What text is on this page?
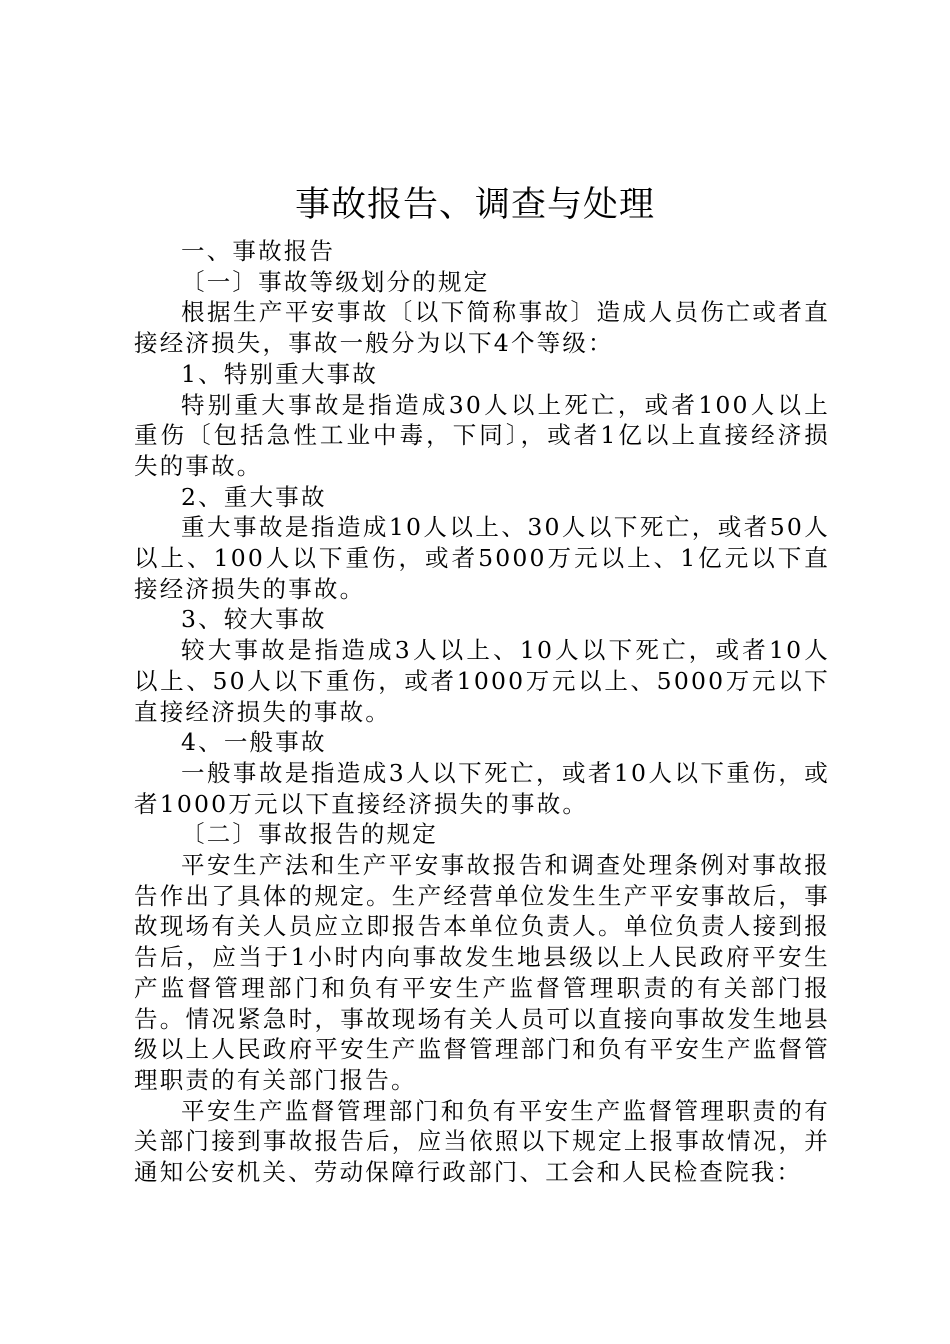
事故报告、调查与处理

一、事故报告

〔一〕事故等级划分的规定

根据生产平安事故〔以下简称事故〕造成人员伤亡或者直接经济损失，事故一般分为以下4个等级：

1、特别重大事故

特别重大事故是指造成30人以上死亡，或者100人以上重伤〔包括急性工业中毒，下同〕，或者1亿以上直接经济损失的事故。

2、重大事故

重大事故是指造成10人以上、30人以下死亡，或者50人以上、100人以下重伤，或者5000万元以上、1亿元以下直接经济损失的事故。

3、较大事故

较大事故是指造成3人以上、10人以下死亡，或者10人以上、50人以下重伤，或者1000万元以上、5000万元以下直接经济损失的事故。

4、一般事故

一般事故是指造成3人以下死亡，或者10人以下重伤，或者1000万元以下直接经济损失的事故。

〔二〕事故报告的规定

平安生产法和生产平安事故报告和调查处理条例对事故报告作出了具体的规定。生产经营单位发生生产平安事故后，事故现场有关人员应立即报告本单位负责人。单位负责人接到报告后，应当于1小时内向事故发生地县级以上人民政府平安生产监督管理部门和负有平安生产监督管理职责的有关部门报告。情况紧急时，事故现场有关人员可以直接向事故发生地县级以上人民政府平安生产监督管理部门和负有平安生产监督管理职责的有关部门报告。

平安生产监督管理部门和负有平安生产监督管理职责的有关部门接到事故报告后，应当依照以下规定上报事故情况，并通知公安机关、劳动保障行政部门、工会和人民检查院我：
